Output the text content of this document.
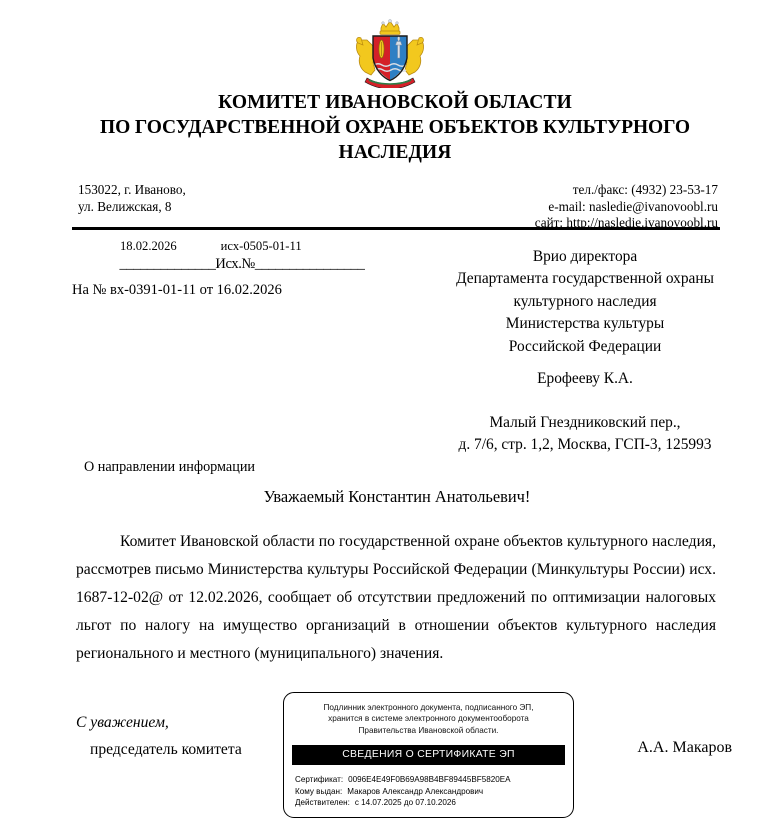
КОМИТЕТ ИВАНОВСКОЙ ОБЛАСТИ
ПО ГОСУДАРСТВЕННОЙ ОХРАНЕ ОБЪЕКТОВ КУЛЬТУРНОГО
НАСЛЕДИЯ
153022, г. Иваново,
ул. Велижская, 8
тел./факс: (4932) 23-53-17
e-mail: nasledie@ivanovoobl.ru
сайт: http://nasledie.ivanovoobl.ru
18.02.2026	исх-0505-01-11
______________Исх.№________________
На № вх-0391-01-11 от 16.02.2026
Врио директора
Департамента государственной охраны
культурного наследия
Министерства культуры
Российской Федерации
Ерофееву К.А.
Малый Гнездниковский пер.,
д. 7/6, стр. 1,2, Москва, ГСП-3, 125993
О направлении информации
Уважаемый Константин Анатольевич!
Комитет Ивановской области по государственной охране объектов культурного наследия, рассмотрев письмо Министерства культуры Российской Федерации (Минкультуры России) исх. 1687-12-02@ от 12.02.2026, сообщает об отсутствии предложений по оптимизации налоговых льгот по налогу на имущество организаций в отношении объектов культурного наследия регионального и местного (муниципального) значения.
С уважением,
председатель комитета	А.А. Макаров
Подлинник электронного документа, подписанного ЭП,
хранится в системе электронного документооборота
Правительства Ивановской области.
СВЕДЕНИЯ О СЕРТИФИКАТЕ ЭП
Сертификат: 0096E4E49F0B69A98B4BF89445BF5820EA
Кому выдан: Макаров Александр Александрович
Действителен: с 14.07.2025 до 07.10.2026
